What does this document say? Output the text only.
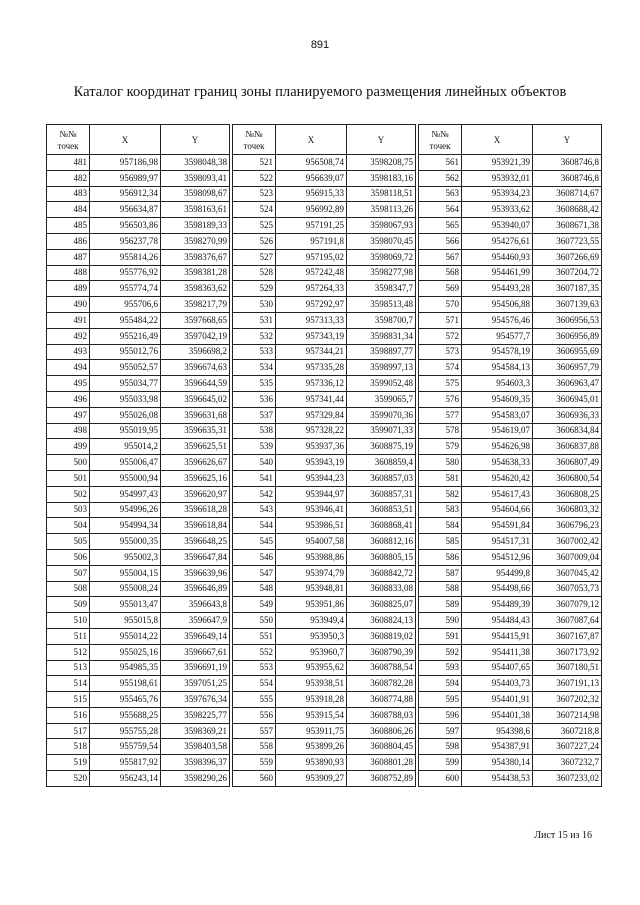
891
Каталог координат границ зоны планируемого размещения линейных объектов
№№
точек	X	Y
481	957186,98	3598048,38
482	956989,97	3598093,41
483	956912,34	3598098,67
484	956634,87	3598163,61
485	956503,86	3598189,33
486	956237,78	3598270,99
487	955814,26	3598376,67
488	955776,92	3598381,28
489	955774,74	3598363,62
490	955706,6	3598217,79
491	955484,22	3597668,65
492	955216,49	3597042,19
493	955012,76	3596698,2
494	955052,57	3596674,63
495	955034,77	3596644,59
496	955033,98	3596645,02
497	955026,08	3596631,68
498	955019,95	3596635,31
499	955014,2	3596625,51
500	955006,47	3596626,67
501	955000,94	3596625,16
502	954997,43	3596620,97
503	954996,26	3596618,28
504	954994,34	3596618,84
505	955000,35	3596648,25
506	955002,3	3596647,84
507	955004,15	3596639,96
508	955008,24	3596646,89
509	955013,47	3596643,8
510	955015,8	3596647,9
511	955014,22	3596649,14
512	955025,16	3596667,61
513	954985,35	3596691,19
514	955198,61	3597051,25
515	955465,76	3597676,34
516	955688,25	3598225,77
517	955755,28	3598369,21
518	955759,54	3598403,58
519	955817,92	3598396,37
520	956243,14	3598290,26
№№
точек	X	Y
521	956508,74	3598208,75
522	956639,07	3598183,16
523	956915,33	3598118,51
524	956992,89	3598113,26
525	957191,25	3598067,93
526	957191,8	3598070,45
527	957195,02	3598069,72
528	957242,48	3598277,98
529	957264,33	3598347,7
530	957292,97	3598513,48
531	957313,33	3598700,7
532	957343,19	3598831,34
533	957344,21	3598897,77
534	957335,28	3598997,13
535	957336,12	3599052,48
536	957341,44	3599065,7
537	957329,84	3599070,36
538	957328,22	3599071,33
539	953937,36	3608875,19
540	953943,19	3608859,4
541	953944,23	3608857,03
542	953944,97	3608857,31
543	953946,41	3608853,51
544	953986,51	3608868,41
545	954007,58	3608812,16
546	953988,86	3608805,15
547	953974,79	3608842,72
548	953948,81	3608833,08
549	953951,86	3608825,07
550	953949,4	3608824,13
551	953950,3	3608819,02
552	953960,7	3608790,39
553	953955,62	3608788,54
554	953938,51	3608782,28
555	953918,28	3608774,88
556	953915,54	3608788,03
557	953911,75	3608806,26
558	953899,26	3608804,45
559	953890,93	3608801,28
560	953909,27	3608752,89
№№
точек	X	Y
561	953921,39	3608746,8
562	953932,01	3608746,8
563	953934,23	3608714,67
564	953933,62	3608688,42
565	953940,07	3608671,38
566	954276,61	3607723,55
567	954460,93	3607266,69
568	954461,99	3607204,72
569	954493,28	3607187,35
570	954506,88	3607139,63
571	954576,46	3606956,53
572	954577,7	3606956,89
573	954578,19	3606955,69
574	954584,13	3606957,79
575	954603,3	3606963,47
576	954609,35	3606945,01
577	954583,07	3606936,33
578	954619,07	3606834,84
579	954626,98	3606837,88
580	954638,33	3606807,49
581	954620,42	3606800,54
582	954617,43	3606808,25
583	954604,66	3606803,32
584	954591,84	3606796,23
585	954517,31	3607002,42
586	954512,96	3607009,04
587	954499,8	3607045,42
588	954498,66	3607053,73
589	954489,39	3607079,12
590	954484,43	3607087,64
591	954415,91	3607167,87
592	954411,38	3607173,92
593	954407,65	3607180,51
594	954403,73	3607191,13
595	954401,91	3607202,32
596	954401,38	3607214,98
597	954398,6	3607218,8
598	954387,91	3607227,24
599	954380,14	3607232,7
600	954438,53	3607233,02
Лист 15 из 16
